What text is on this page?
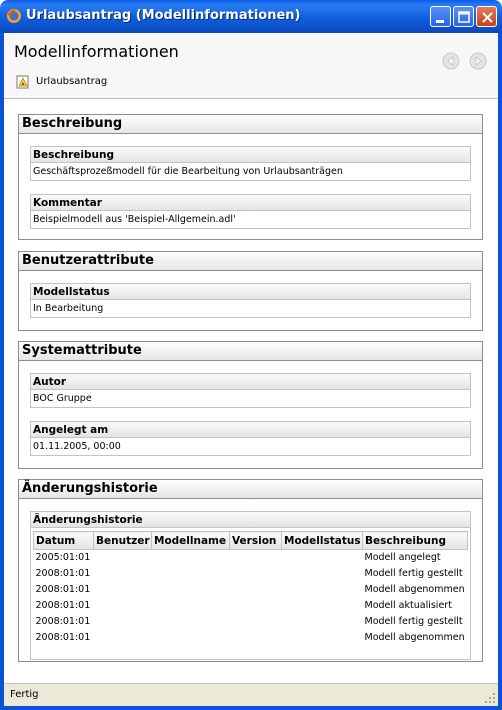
Urlaubsantrag (Modellinformationen)
Modellinformationen
Urlaubsantrag
Beschreibung
Beschreibung
Geschäftsprozeßmodell für die Bearbeitung von Urlaubsanträgen
Kommentar
Beispielmodell aus 'Beispiel-Allgemein.adl'
Benutzerattribute
Modellstatus
In Bearbeitung
Systemattribute
Autor
BOC Gruppe
Angelegt am
01.11.2005, 00:00
Änderungshistorie
Änderungshistorie
Datum	Benutzer	Modellname	Version	Modellstatus	Beschreibung
2005:01:01					Modell angelegt
2008:01:01					Modell fertig gestellt
2008:01:01					Modell abgenommen
2008:01:01					Modell aktualisiert
2008:01:01					Modell fertig gestellt
2008:01:01					Modell abgenommen
Fertig
